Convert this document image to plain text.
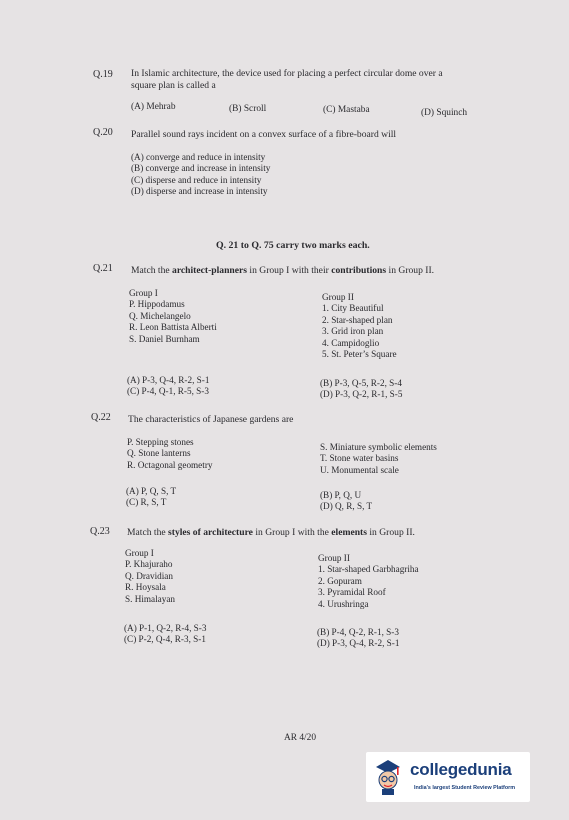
Q.19 In Islamic architecture, the device used for placing a perfect circular dome over a
square plan is called a
(A) Mehrab	(B) Scroll	(C) Mastaba	(D) Squinch
Q.20 Parallel sound rays incident on a convex surface of a fibre-board will
(A) converge and reduce in intensity
(B) converge and increase in intensity
(C) disperse and reduce in intensity
(D) disperse and increase in intensity
Q. 21 to Q. 75 carry two marks each.
Q.21 Match the architect-planners in Group I with their contributions in Group II.
Group I
P. Hippodamus
Q. Michelangelo
R. Leon Battista Alberti
S. Daniel Burnham
Group II
1. City Beautiful
2. Star-shaped plan
3. Grid iron plan
4. Campidoglio
5. St. Peter’s Square
(A) P-3, Q-4, R-2, S-1
(C) P-4, Q-1, R-5, S-3
(B) P-3, Q-5, R-2, S-4
(D) P-3, Q-2, R-1, S-5
Q.22 The characteristics of Japanese gardens are
P. Stepping stones
Q. Stone lanterns
R. Octagonal geometry
S. Miniature symbolic elements
T. Stone water basins
U. Monumental scale
(A) P, Q, S, T
(C) R, S, T
(B) P, Q, U
(D) Q, R, S, T
Q.23 Match the styles of architecture in Group I with the elements in Group II.
Group I
P. Khajuraho
Q. Dravidian
R. Hoysala
S. Himalayan
Group II
1. Star-shaped Garbhagriha
2. Gopuram
3. Pyramidal Roof
4. Urushringa
(A) P-1, Q-2, R-4, S-3
(C) P-2, Q-4, R-3, S-1
(B) P-4, Q-2, R-1, S-3
(D) P-3, Q-4, R-2, S-1
AR 4/20
collegedunia
India's largest Student Review Platform
